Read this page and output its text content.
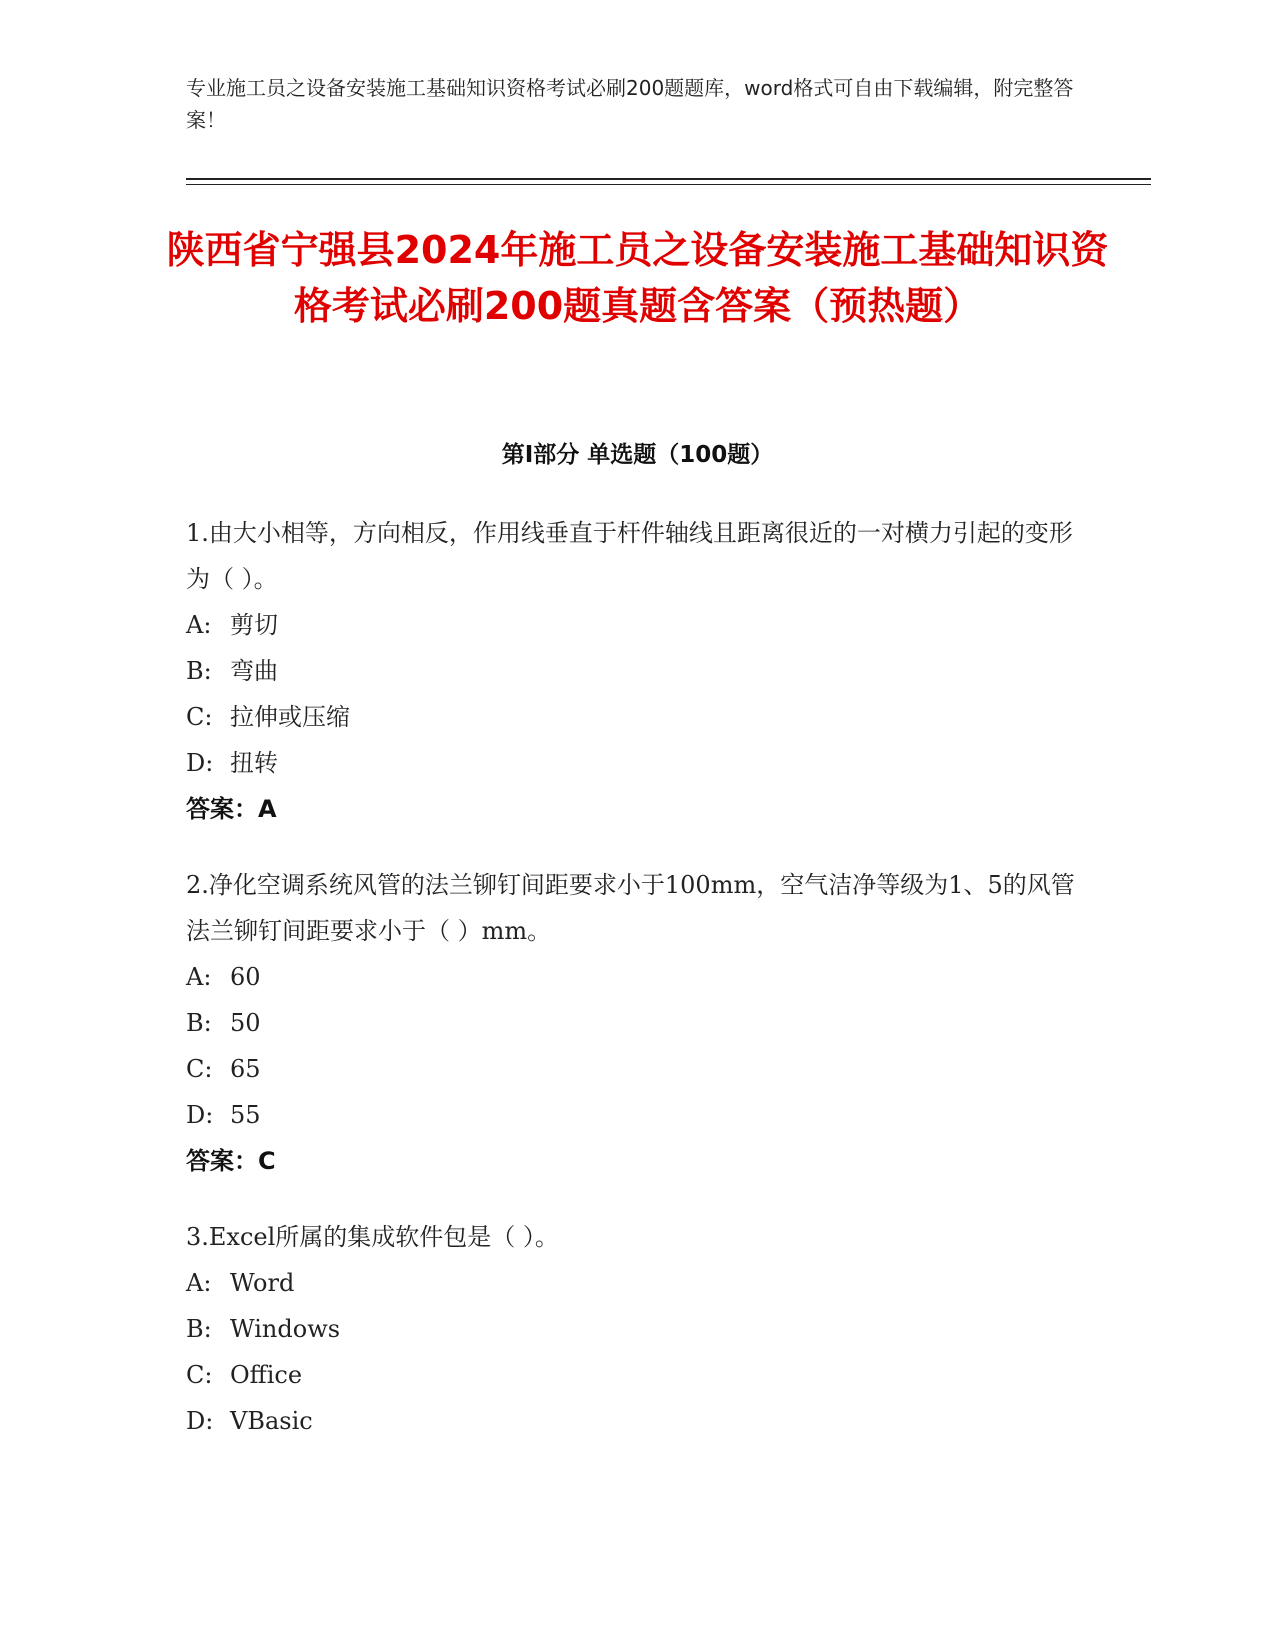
专业施工员之设备安装施工基础知识资格考试必刷200题题库，word格式可自由下载编辑，附完整答案！
陕西省宁强县2024年施工员之设备安装施工基础知识资格考试必刷200题真题含答案（预热题）
第Ⅰ部分 单选题（100题）
1.由大小相等，方向相反，作用线垂直于杆件轴线且距离很近的一对横力引起的变形为（ ）。
A: 剪切
B: 弯曲
C: 拉伸或压缩
D: 扭转
答案：A
2.净化空调系统风管的法兰铆钉间距要求小于100mm，空气洁净等级为1、5的风管法兰铆钉间距要求小于（ ）mm。
A: 60
B: 50
C: 65
D: 55
答案：C
3.Excel所属的集成软件包是（ ）。
A: Word
B: Windows
C: Office
D: VBasic
